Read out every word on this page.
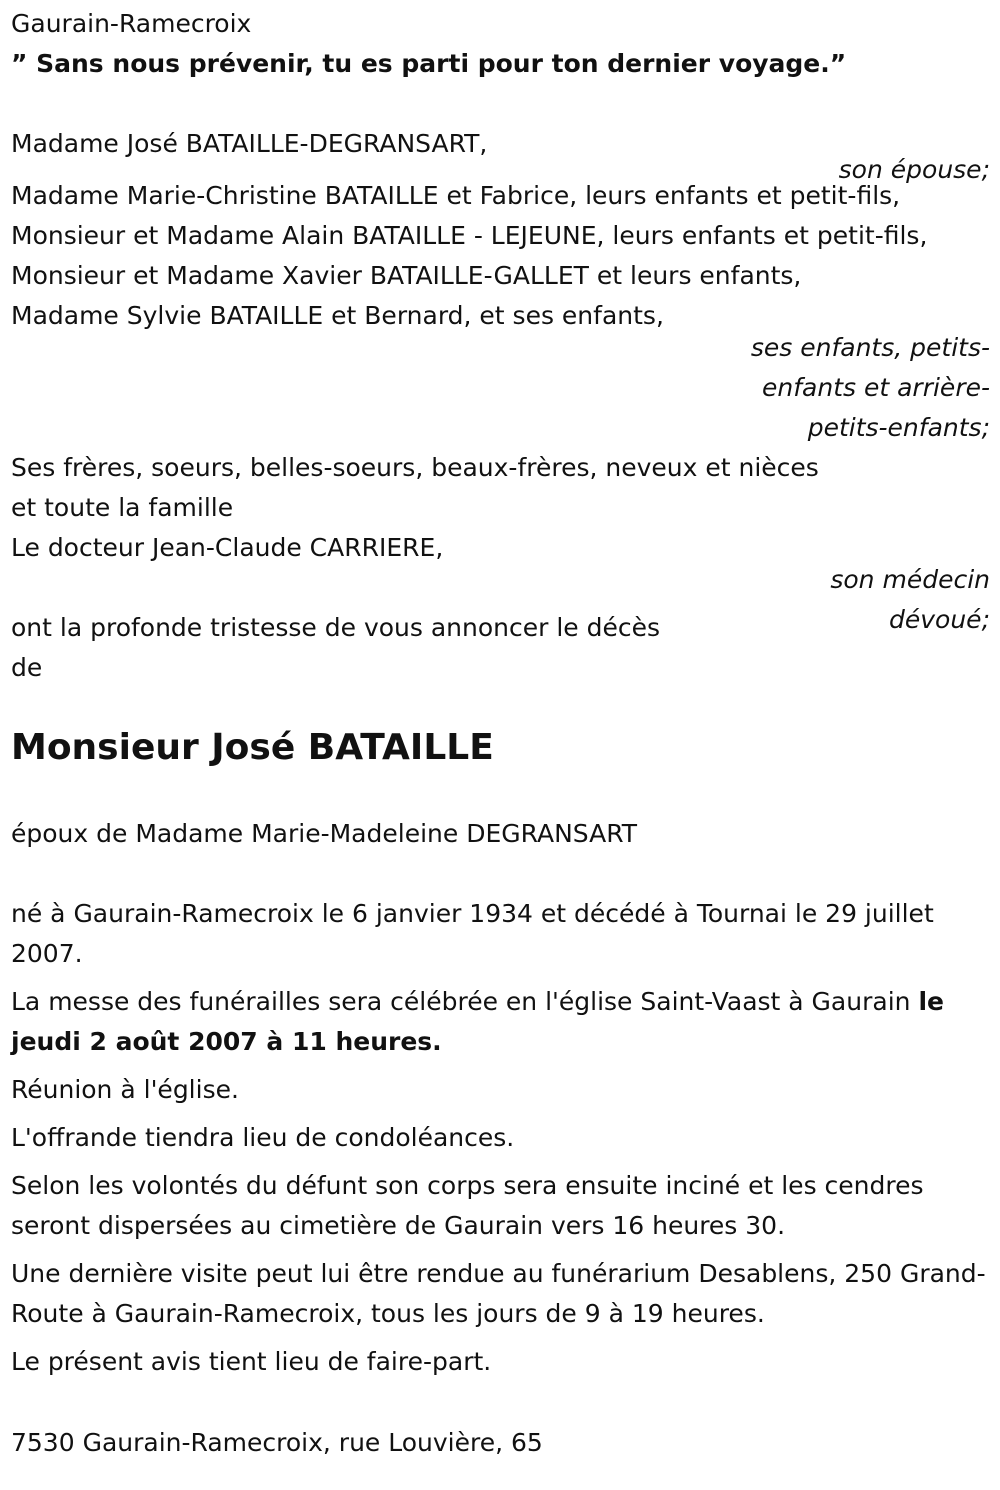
Gaurain-Ramecroix
” Sans nous prévenir, tu es parti pour ton dernier voyage.”
Madame José BATAILLE-DEGRANSART,
son épouse;
Madame Marie-Christine BATAILLE et Fabrice, leurs enfants et petit-fils,
Monsieur et Madame Alain BATAILLE - LEJEUNE, leurs enfants et petit-fils,
Monsieur et Madame Xavier BATAILLE-GALLET et leurs enfants,
Madame Sylvie BATAILLE et Bernard, et ses enfants,
ses enfants, petits-
enfants et arrière-
petits-enfants;
Ses frères, soeurs, belles-soeurs, beaux-frères, neveux et nièces
et toute la famille
Le docteur Jean-Claude CARRIERE,
son médecin
dévoué;
ont la profonde tristesse de vous annoncer le décès
de
Monsieur José BATAILLE
époux de Madame Marie-Madeleine DEGRANSART
né à Gaurain-Ramecroix le 6 janvier 1934 et décédé à Tournai le 29 juillet 2007.
La messe des funérailles sera célébrée en l'église Saint-Vaast à Gaurain le jeudi 2 août 2007 à 11 heures.
Réunion à l'église.
L'offrande tiendra lieu de condoléances.
Selon les volontés du défunt son corps sera ensuite inciné et les cendres seront dispersées au cimetière de Gaurain vers 16 heures 30.
Une dernière visite peut lui être rendue au funérarium Desablens, 250 Grand-Route à Gaurain-Ramecroix, tous les jours de 9 à 19 heures.
Le présent avis tient lieu de faire-part.
7530 Gaurain-Ramecroix, rue Louvière, 65
